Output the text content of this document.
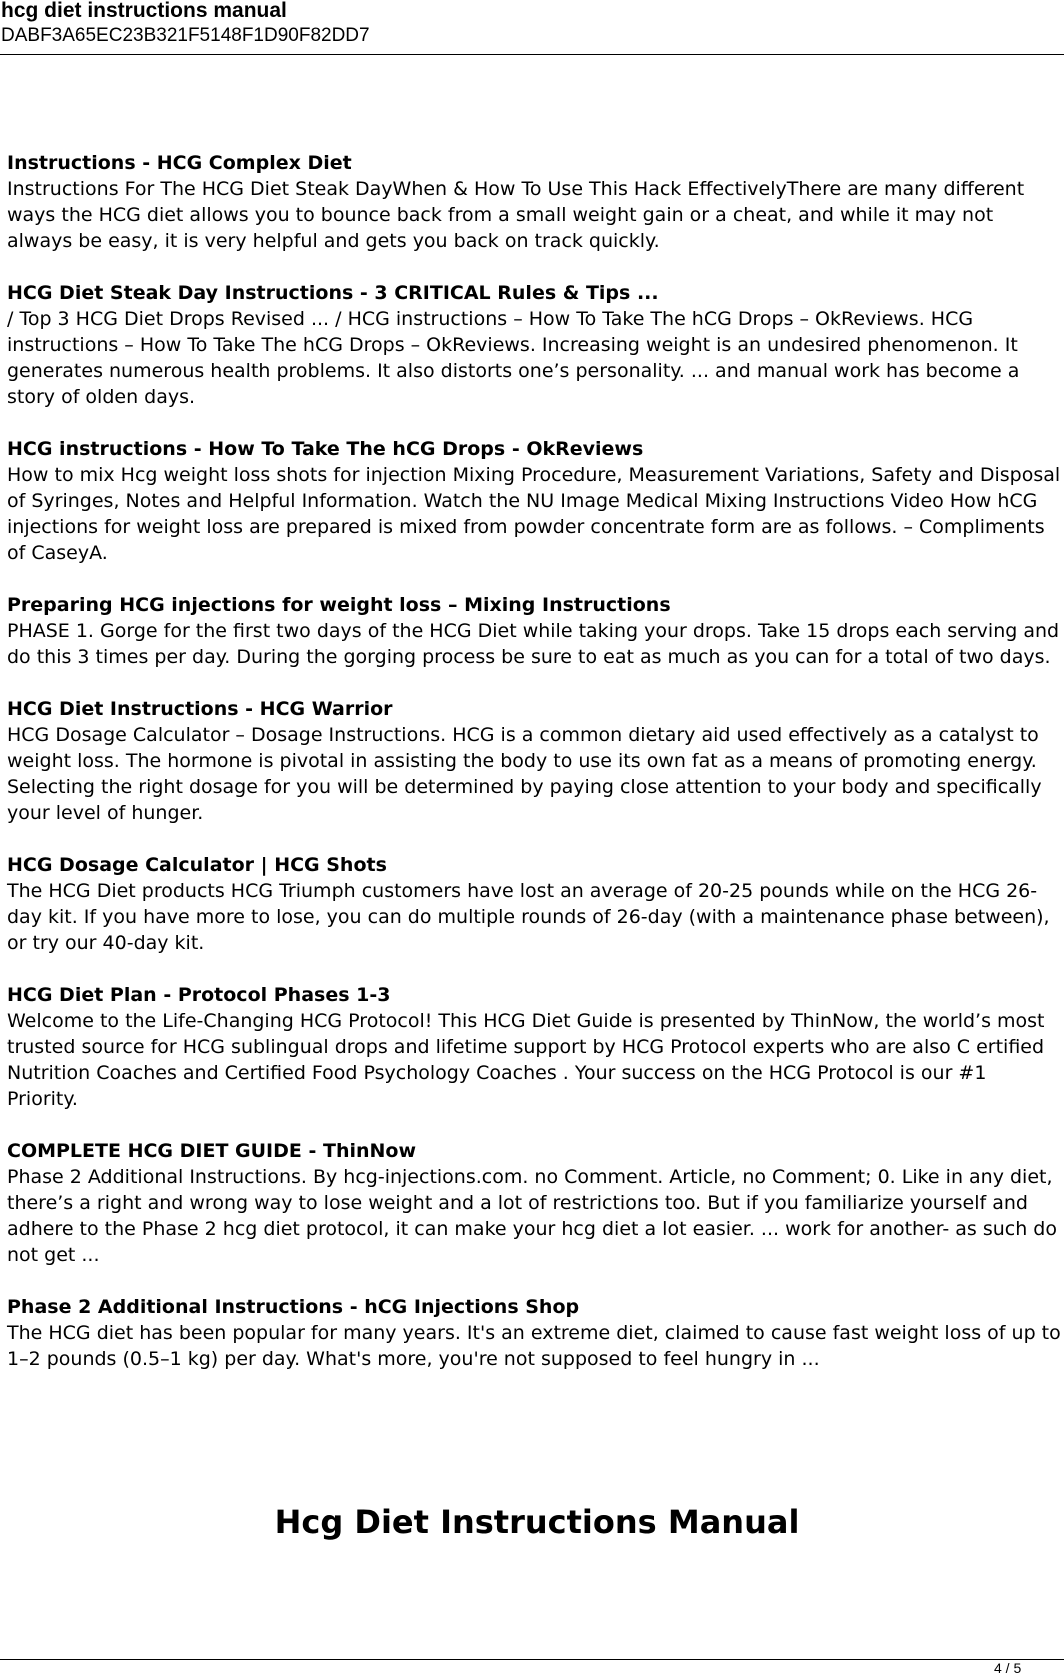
hcg diet instructions manual
DABF3A65EC23B321F5148F1D90F82DD7

Instructions - HCG Complex Diet

Instructions For The HCG Diet Steak DayWhen & How To Use This Hack EffectivelyThere are many different ways the HCG diet allows you to bounce back from a small weight gain or a cheat, and while it may not always be easy, it is very helpful and gets you back on track quickly.

HCG Diet Steak Day Instructions - 3 CRITICAL Rules & Tips ...

/ Top 3 HCG Diet Drops Revised ... / HCG instructions – How To Take The hCG Drops – OkReviews. HCG instructions – How To Take The hCG Drops – OkReviews. Increasing weight is an undesired phenomenon. It generates numerous health problems. It also distorts one’s personality. ... and manual work has become a story of olden days.

HCG instructions - How To Take The hCG Drops - OkReviews

How to mix Hcg weight loss shots for injection Mixing Procedure, Measurement Variations, Safety and Disposal of Syringes, Notes and Helpful Information. Watch the NU Image Medical Mixing Instructions Video How hCG injections for weight loss are prepared is mixed from powder concentrate form are as follows. – Compliments of CaseyA.

Preparing HCG injections for weight loss – Mixing Instructions

PHASE 1. Gorge for the first two days of the HCG Diet while taking your drops. Take 15 drops each serving and do this 3 times per day. During the gorging process be sure to eat as much as you can for a total of two days.

HCG Diet Instructions - HCG Warrior

HCG Dosage Calculator – Dosage Instructions. HCG is a common dietary aid used effectively as a catalyst to weight loss. The hormone is pivotal in assisting the body to use its own fat as a means of promoting energy. Selecting the right dosage for you will be determined by paying close attention to your body and specifically your level of hunger.

HCG Dosage Calculator | HCG Shots

The HCG Diet products HCG Triumph customers have lost an average of 20-25 pounds while on the HCG 26-day kit. If you have more to lose, you can do multiple rounds of 26-day (with a maintenance phase between), or try our 40-day kit.

HCG Diet Plan - Protocol Phases 1-3

Welcome to the Life-Changing HCG Protocol! This HCG Diet Guide is presented by ThinNow, the world’s most trusted source for HCG sublingual drops and lifetime support by HCG Protocol experts who are also C ertified Nutrition Coaches and Certified Food Psychology Coaches . Your success on the HCG Protocol is our #1 Priority.

COMPLETE HCG DIET GUIDE - ThinNow

Phase 2 Additional Instructions. By hcg-injections.com. no Comment. Article, no Comment; 0. Like in any diet, there’s a right and wrong way to lose weight and a lot of restrictions too. But if you familiarize yourself and adhere to the Phase 2 hcg diet protocol, it can make your hcg diet a lot easier. ... work for another- as such do not get ...

Phase 2 Additional Instructions - hCG Injections Shop

The HCG diet has been popular for many years. It's an extreme diet, claimed to cause fast weight loss of up to 1–2 pounds (0.5–1 kg) per day. What's more, you're not supposed to feel hungry in ...

Hcg Diet Instructions Manual
4 / 5
